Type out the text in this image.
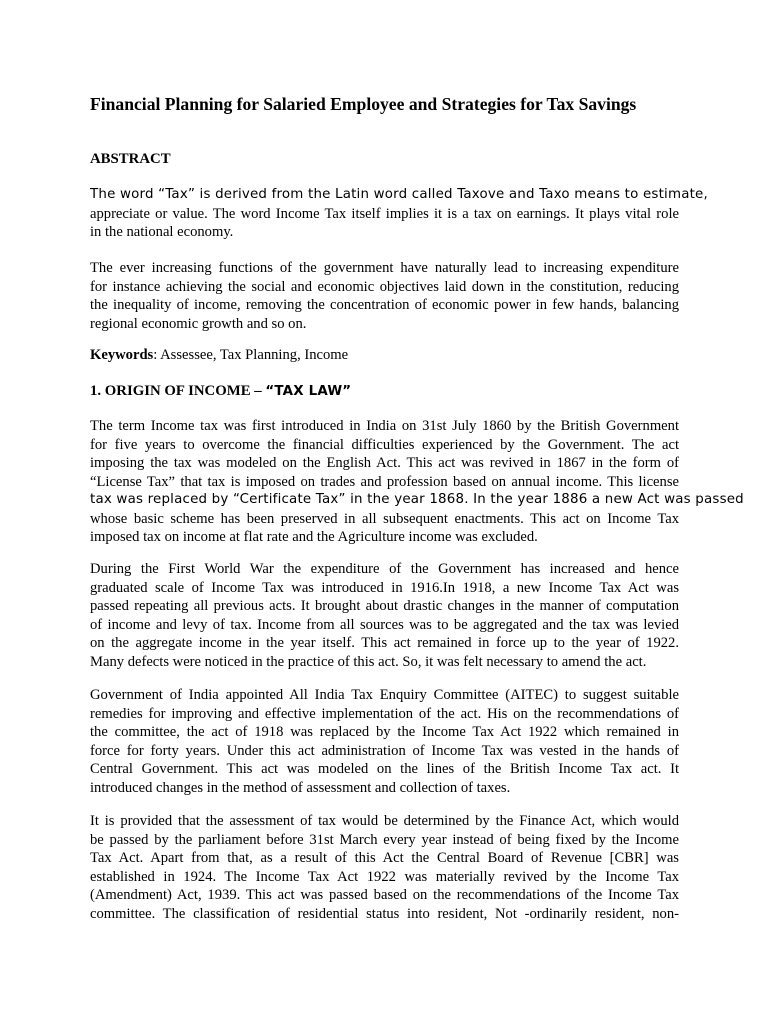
Financial Planning for Salaried Employee and Strategies for Tax Savings
ABSTRACT

The word “Tax” is derived from the Latin word called Taxove and Taxo means to estimate,
appreciate or value. The word Income Tax itself implies it is a tax on earnings. It plays vital role
in the national economy.

The ever increasing functions of the government have naturally lead to increasing expenditure
for instance achieving the social and economic objectives laid down in the constitution, reducing
the inequality of income, removing the concentration of economic power in few hands, balancing
regional economic growth and so on.

Keywords: Assessee, Tax Planning, Income

1. ORIGIN OF INCOME – “TAX LAW”

The term Income tax was first introduced in India on 31st July 1860 by the British Government
for five years to overcome the financial difficulties experienced by the Government. The act
imposing the tax was modeled on the English Act. This act was revived in 1867 in the form of
“License Tax” that tax is imposed on trades and profession based on annual income. This license
tax was replaced by “Certificate Tax” in the year 1868. In the year 1886 a new Act was passed
whose basic scheme has been preserved in all subsequent enactments. This act on Income Tax
imposed tax on income at flat rate and the Agriculture income was excluded.

During the First World War the expenditure of the Government has increased and hence
graduated scale of Income Tax was introduced in 1916.In 1918, a new Income Tax Act was
passed repeating all previous acts. It brought about drastic changes in the manner of computation
of income and levy of tax. Income from all sources was to be aggregated and the tax was levied
on the aggregate income in the year itself. This act remained in force up to the year of 1922.
Many defects were noticed in the practice of this act. So, it was felt necessary to amend the act.

Government of India appointed All India Tax Enquiry Committee (AITEC) to suggest suitable
remedies for improving and effective implementation of the act. His on the recommendations of
the committee, the act of 1918 was replaced by the Income Tax Act 1922 which remained in
force for forty years. Under this act administration of Income Tax was vested in the hands of
Central Government. This act was modeled on the lines of the British Income Tax act. It
introduced changes in the method of assessment and collection of taxes.

It is provided that the assessment of tax would be determined by the Finance Act, which would
be passed by the parliament before 31st March every year instead of being fixed by the Income
Tax Act. Apart from that, as a result of this Act the Central Board of Revenue [CBR] was
established in 1924. The Income Tax Act 1922 was materially revived by the Income Tax
(Amendment) Act, 1939. This act was passed based on the recommendations of the Income Tax
committee. The classification of residential status into resident, Not -ordinarily resident, non-
